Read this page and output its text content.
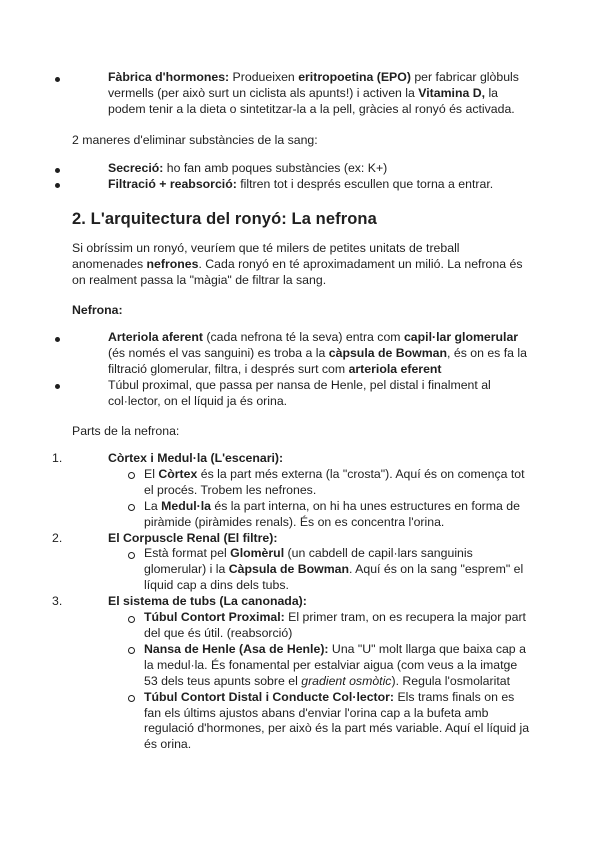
Fàbrica d'hormones: Produeixen eritropoetina (EPO) per fabricar glòbuls vermells (per això surt un ciclista als apunts!) i activen la Vitamina D, la podem tenir a la dieta o sintetitzar-la a la pell, gràcies al ronyó és activada.

2 maneres d'eliminar substàncies de la sang:

Secreció: ho fan amb poques substàncies (ex: K+)
Filtració + reabsorció: filtren tot i després escullen que torna a entrar.
2. L'arquitectura del ronyó: La nefrona

Si obríssim un ronyó, veuríem que té milers de petites unitats de treball anomenades nefrones. Cada ronyó en té aproximadament un milió. La nefrona és on realment passa la "màgia" de filtrar la sang.

Nefrona:

Arteriola aferent (cada nefrona té la seva) entra com capil·lar glomerular (és només el vas sanguini) es troba a la càpsula de Bowman, és on es fa la filtració glomerular, filtra, i després surt com arteriola eferent
Túbul proximal, que passa per nansa de Henle, pel distal i finalment al col·lector, on el líquid ja és orina.

Parts de la nefrona:

1.	Còrtex i Medul·la (L'escenari):
El Còrtex és la part més externa (la "crosta"). Aquí és on comença tot el procés. Trobem les nefrones.
La Medul·la és la part interna, on hi ha unes estructures en forma de piràmide (piràmides renals). És on es concentra l'orina.
2.	El Corpuscle Renal (El filtre):
Està format pel Glomèrul (un cabdell de capil·lars sanguinis glomerular) i la Càpsula de Bowman. Aquí és on la sang "esprem" el líquid cap a dins dels tubs.
3.	El sistema de tubs (La canonada):
Túbul Contort Proximal: El primer tram, on es recupera la major part del que és útil. (reabsorció)
Nansa de Henle (Asa de Henle): Una "U" molt llarga que baixa cap a la medul·la. És fonamental per estalviar aigua (com veus a la imatge 53 dels teus apunts sobre el gradient osmòtic). Regula l'osmolaritat
Túbul Contort Distal i Conducte Col·lector: Els trams finals on es fan els últims ajustos abans d'enviar l'orina cap a la bufeta amb regulació d'hormones, per això és la part més variable. Aquí el líquid ja és orina.
